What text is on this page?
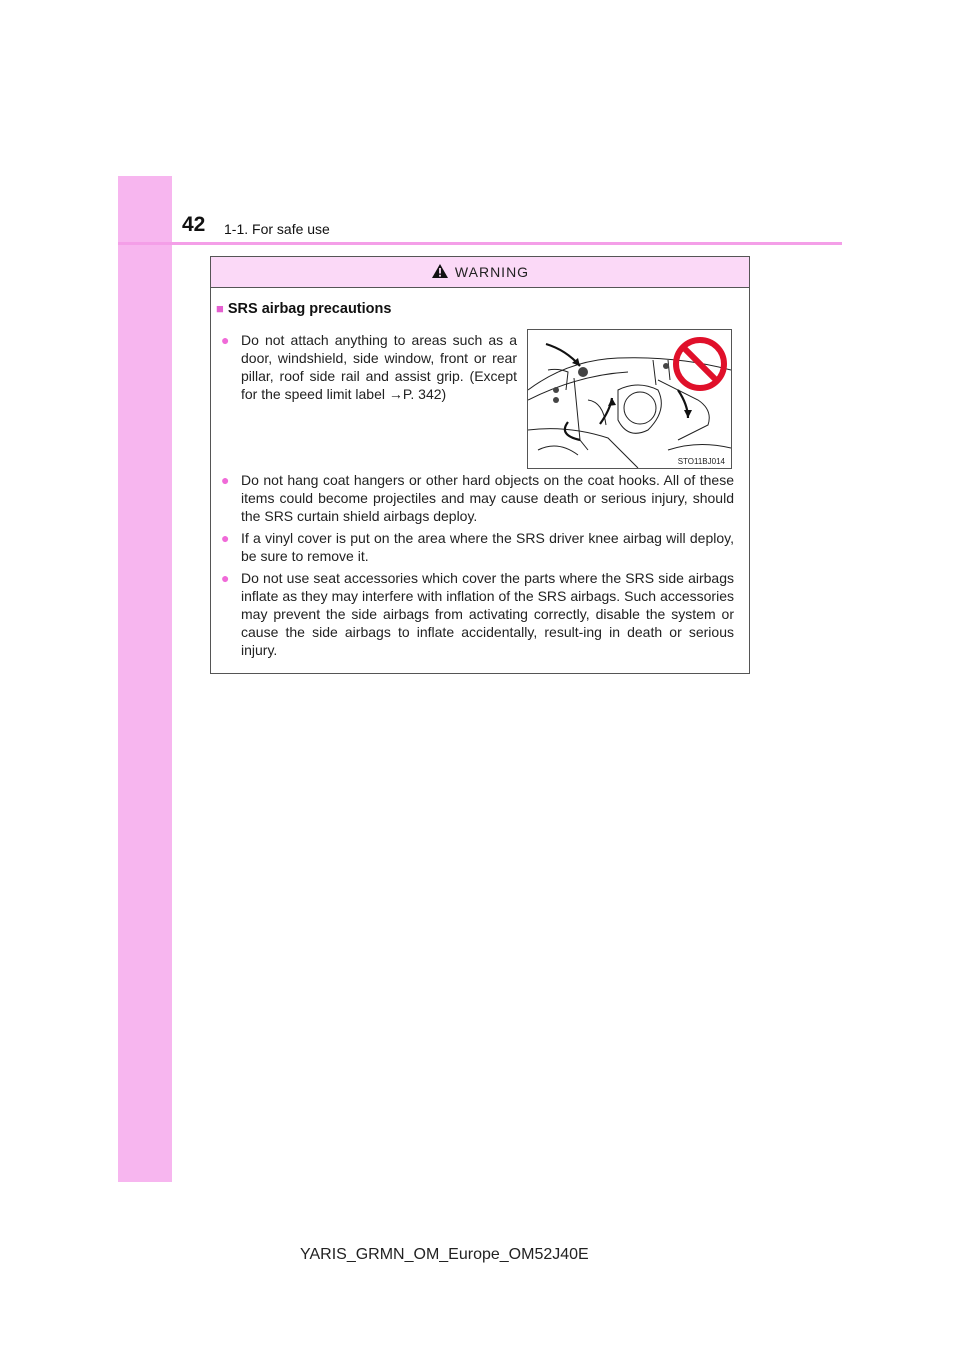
42 1-1. For safe use
WARNING
■ SRS airbag precautions
● Do not attach anything to areas such as a door, windshield, side window, front or rear pillar, roof side rail and assist grip. (Except for the speed limit label →P. 342)
STO11BJ014
● Do not hang coat hangers or other hard objects on the coat hooks. All of these items could become projectiles and may cause death or serious injury, should the SRS curtain shield airbags deploy.
● If a vinyl cover is put on the area where the SRS driver knee airbag will deploy, be sure to remove it.
● Do not use seat accessories which cover the parts where the SRS side airbags inflate as they may interfere with inflation of the SRS airbags. Such accessories may prevent the side airbags from activating correctly, disable the system or cause the side airbags to inflate accidentally, result-ing in death or serious injury.
YARIS_GRMN_OM_Europe_OM52J40E
